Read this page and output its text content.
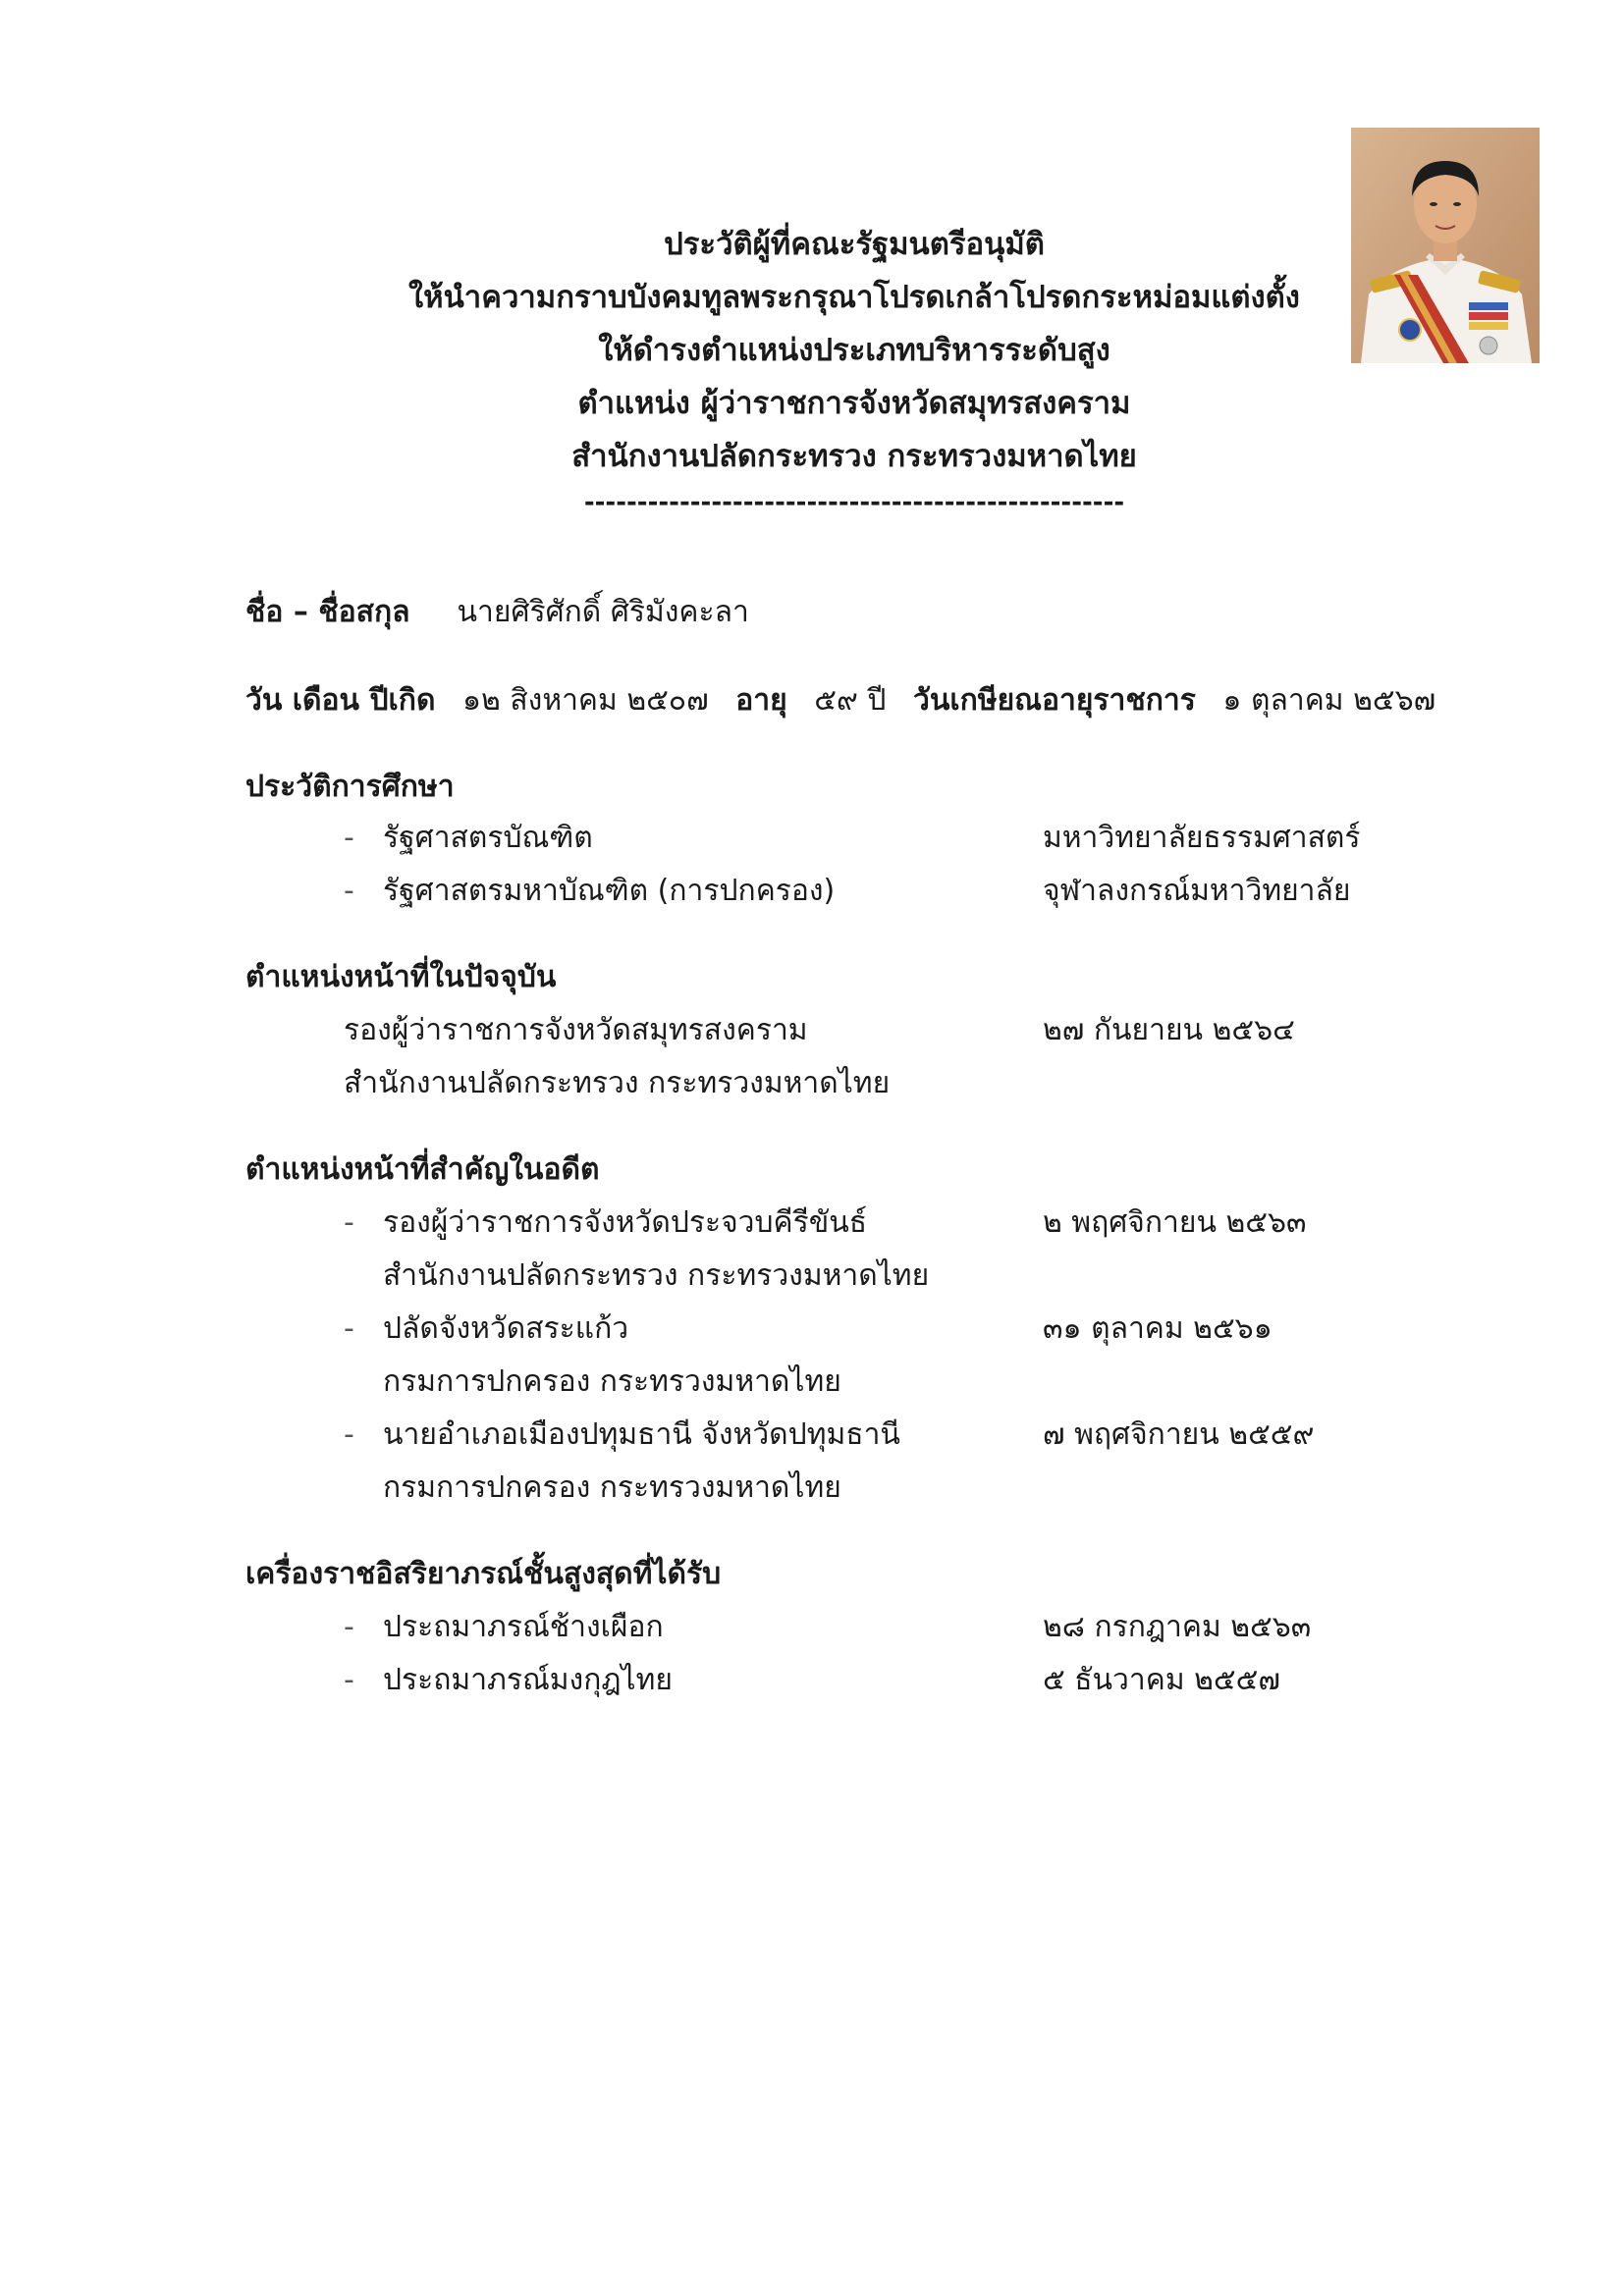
ประวัติผู้ที่คณะรัฐมนตรีอนุมัติ
ให้นำความกราบบังคมทูลพระกรุณาโปรดเกล้าโปรดกระหม่อมแต่งตั้ง
ให้ดำรงตำแหน่งประเภทบริหารระดับสูง
ตำแหน่ง ผู้ว่าราชการจังหวัดสมุทรสงคราม
สำนักงานปลัดกระทรวง กระทรวงมหาดไทย
---------------------------------------------------
ชื่อ – ชื่อสกุล นายศิริศักดิ์ ศิริมังคะลา
วัน เดือน ปีเกิด ๑๒ สิงหาคม ๒๕๐๗ อายุ ๕๙ ปี วันเกษียณอายุราชการ ๑ ตุลาคม ๒๕๖๗
ประวัติการศึกษา
- รัฐศาสตรบัณฑิต	มหาวิทยาลัยธรรมศาสตร์
- รัฐศาสตรมหาบัณฑิต (การปกครอง)	จุฬาลงกรณ์มหาวิทยาลัย
ตำแหน่งหน้าที่ในปัจจุบัน
รองผู้ว่าราชการจังหวัดสมุทรสงคราม	๒๗ กันยายน ๒๕๖๔
สำนักงานปลัดกระทรวง กระทรวงมหาดไทย
ตำแหน่งหน้าที่สำคัญในอดีต
- รองผู้ว่าราชการจังหวัดประจวบคีรีขันธ์	๒ พฤศจิกายน ๒๕๖๓
สำนักงานปลัดกระทรวง กระทรวงมหาดไทย
- ปลัดจังหวัดสระแก้ว	๓๑ ตุลาคม ๒๕๖๑
กรมการปกครอง กระทรวงมหาดไทย
- นายอำเภอเมืองปทุมธานี จังหวัดปทุมธานี	๗ พฤศจิกายน ๒๕๕๙
กรมการปกครอง กระทรวงมหาดไทย
เครื่องราชอิสริยาภรณ์ชั้นสูงสุดที่ได้รับ
- ประถมาภรณ์ช้างเผือก	๒๘ กรกฎาคม ๒๕๖๓
- ประถมาภรณ์มงกุฎไทย	๕ ธันวาคม ๒๕๕๗
